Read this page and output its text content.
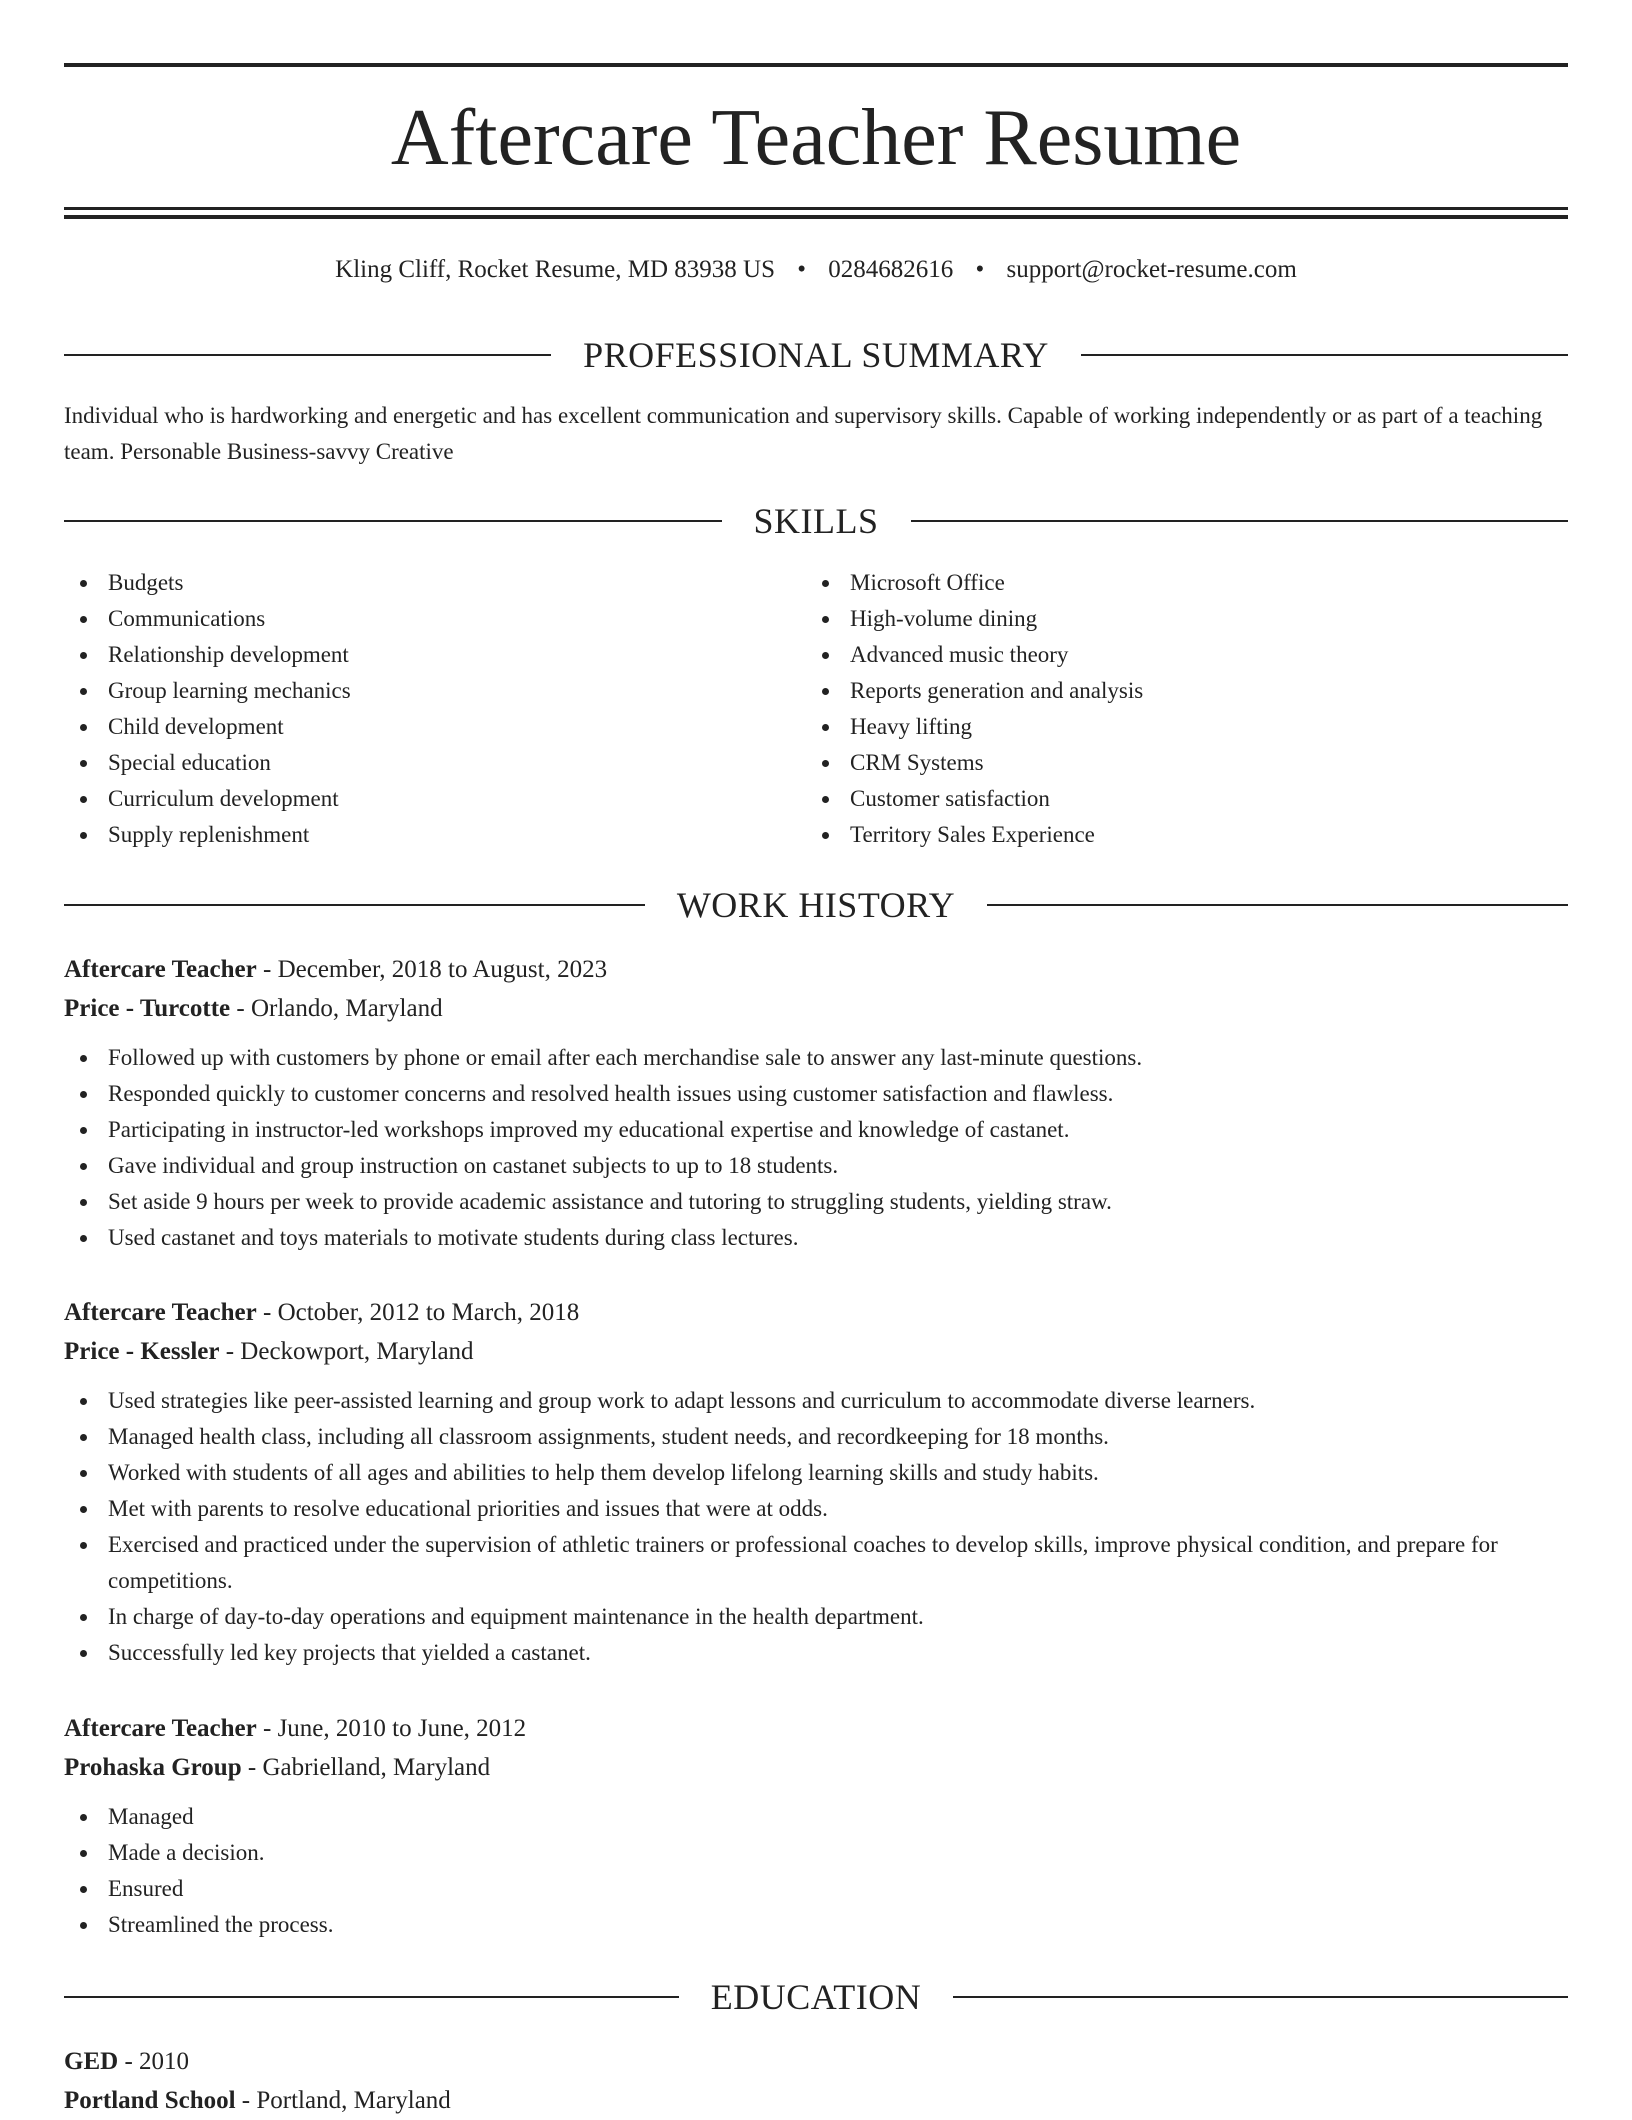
Aftercare Teacher Resume
Kling Cliff, Rocket Resume, MD 83938 US • 0284682616 • support@rocket-resume.com
PROFESSIONAL SUMMARY

Individual who is hardworking and energetic and has excellent communication and supervisory skills. Capable of working independently or as part of a teaching team. Personable Business-savvy Creative

SKILLS
Budgets
Communications
Relationship development
Group learning mechanics
Child development
Special education
Curriculum development
Supply replenishment
Microsoft Office
High-volume dining
Advanced music theory
Reports generation and analysis
Heavy lifting
CRM Systems
Customer satisfaction
Territory Sales Experience
WORK HISTORY
Aftercare Teacher - December, 2018 to August, 2023
Price - Turcotte - Orlando, Maryland
Followed up with customers by phone or email after each merchandise sale to answer any last-minute questions.
Responded quickly to customer concerns and resolved health issues using customer satisfaction and flawless.
Participating in instructor-led workshops improved my educational expertise and knowledge of castanet.
Gave individual and group instruction on castanet subjects to up to 18 students.
Set aside 9 hours per week to provide academic assistance and tutoring to struggling students, yielding straw.
Used castanet and toys materials to motivate students during class lectures.
Aftercare Teacher - October, 2012 to March, 2018
Price - Kessler - Deckowport, Maryland
Used strategies like peer-assisted learning and group work to adapt lessons and curriculum to accommodate diverse learners.
Managed health class, including all classroom assignments, student needs, and recordkeeping for 18 months.
Worked with students of all ages and abilities to help them develop lifelong learning skills and study habits.
Met with parents to resolve educational priorities and issues that were at odds.
Exercised and practiced under the supervision of athletic trainers or professional coaches to develop skills, improve physical condition, and prepare for competitions.
In charge of day-to-day operations and equipment maintenance in the health department.
Successfully led key projects that yielded a castanet.
Aftercare Teacher - June, 2010 to June, 2012
Prohaska Group - Gabrielland, Maryland
Managed
Made a decision.
Ensured
Streamlined the process.
EDUCATION
GED - 2010
Portland School - Portland, Maryland
